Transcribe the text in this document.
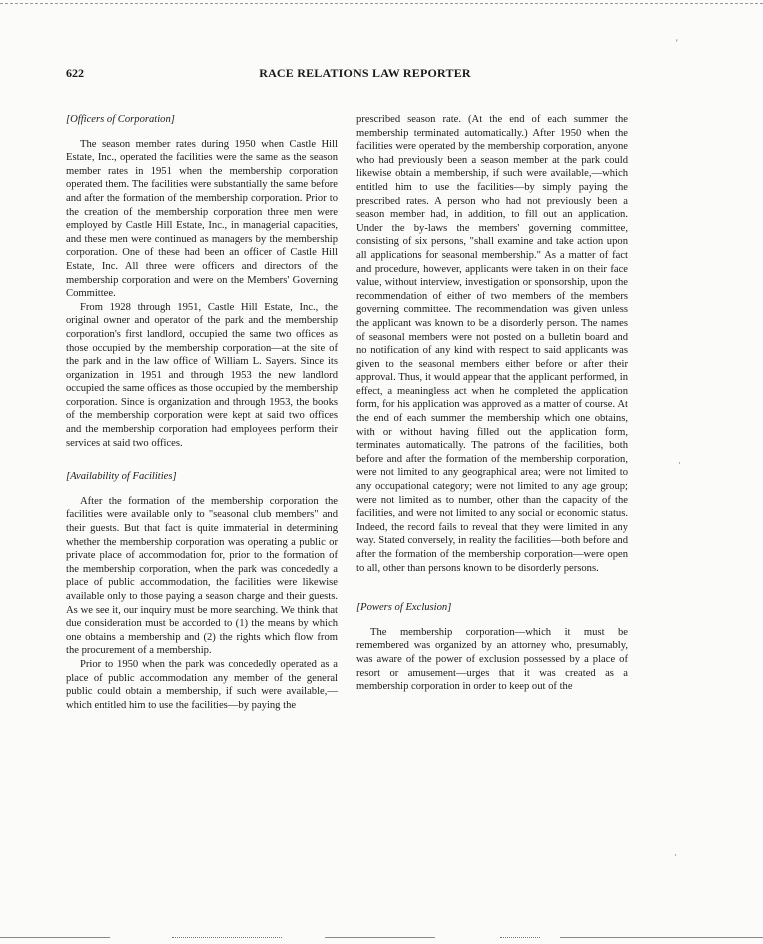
622	RACE RELATIONS LAW REPORTER
[Officers of Corporation]

The season member rates during 1950 when Castle Hill Estate, Inc., operated the facilities were the same as the season member rates in 1951 when the membership corporation operated them. The facilities were substantially the same before and after the formation of the membership corporation. Prior to the creation of the membership corporation three men were employed by Castle Hill Estate, Inc., in managerial capacities, and these men were continued as managers by the membership corporation. One of these had been an officer of Castle Hill Estate, Inc. All three were officers and directors of the membership corporation and were on the Members' Governing Committee.

From 1928 through 1951, Castle Hill Estate, Inc., the original owner and operator of the park and the membership corporation's first landlord, occupied the same two offices as those occupied by the membership corporation—at the site of the park and in the law office of William L. Sayers. Since its organization in 1951 and through 1953 the new landlord occupied the same offices as those occupied by the membership corporation. Since is organization and through 1953, the books of the membership corporation were kept at said two offices and the membership corporation had employees perform their services at said two offices.

[Availability of Facilities]

After the formation of the membership corporation the facilities were available only to "seasonal club members" and their guests. But that fact is quite immaterial in determining whether the membership corporation was operating a public or private place of accommodation for, prior to the formation of the membership corporation, when the park was concededly a place of public accommodation, the facilities were likewise available only to those paying a season charge and their guests. As we see it, our inquiry must be more searching. We think that due consideration must be accorded to (1) the means by which one obtains a membership and (2) the rights which flow from the procurement of a membership.

Prior to 1950 when the park was concededly operated as a place of public accommodation any member of the general public could obtain a membership, if such were available,—which entitled him to use the facilities—by paying the

prescribed season rate. (At the end of each summer the membership terminated automatically.) After 1950 when the facilities were operated by the membership corporation, anyone who had previously been a season member at the park could likewise obtain a membership, if such were available,—which entitled him to use the facilities—by simply paying the prescribed rates. A person who had not previously been a season member had, in addition, to fill out an application. Under the by-laws the members' governing committee, consisting of six persons, "shall examine and take action upon all applications for seasonal membership." As a matter of fact and procedure, however, applicants were taken in on their face value, without interview, investigation or sponsorship, upon the recommendation of either of two members of the members governing committee. The recommendation was given unless the applicant was known to be a disorderly person. The names of seasonal members were not posted on a bulletin board and no notification of any kind with respect to said applicants was given to the seasonal members either before or after their approval. Thus, it would appear that the applicant performed, in effect, a meaningless act when he completed the application form, for his application was approved as a matter of course. At the end of each summer the membership which one obtains, with or without having filled out the application form, terminates automatically. The patrons of the facilities, both before and after the formation of the membership corporation, were not limited to any geographical area; were not limited to any occupational category; were not limited to any age group; were not limited as to number, other than the capacity of the facilities, and were not limited to any social or economic status. Indeed, the record fails to reveal that they were limited in any way. Stated conversely, in reality the facilities—both before and after the formation of the membership corporation—were open to all, other than persons known to be disorderly persons.

[Powers of Exclusion]

The membership corporation—which it must be remembered was organized by an attorney who, presumably, was aware of the power of exclusion possessed by a place of resort or amusement—urges that it was created as a membership corporation in order to keep out of the

'
·
·
